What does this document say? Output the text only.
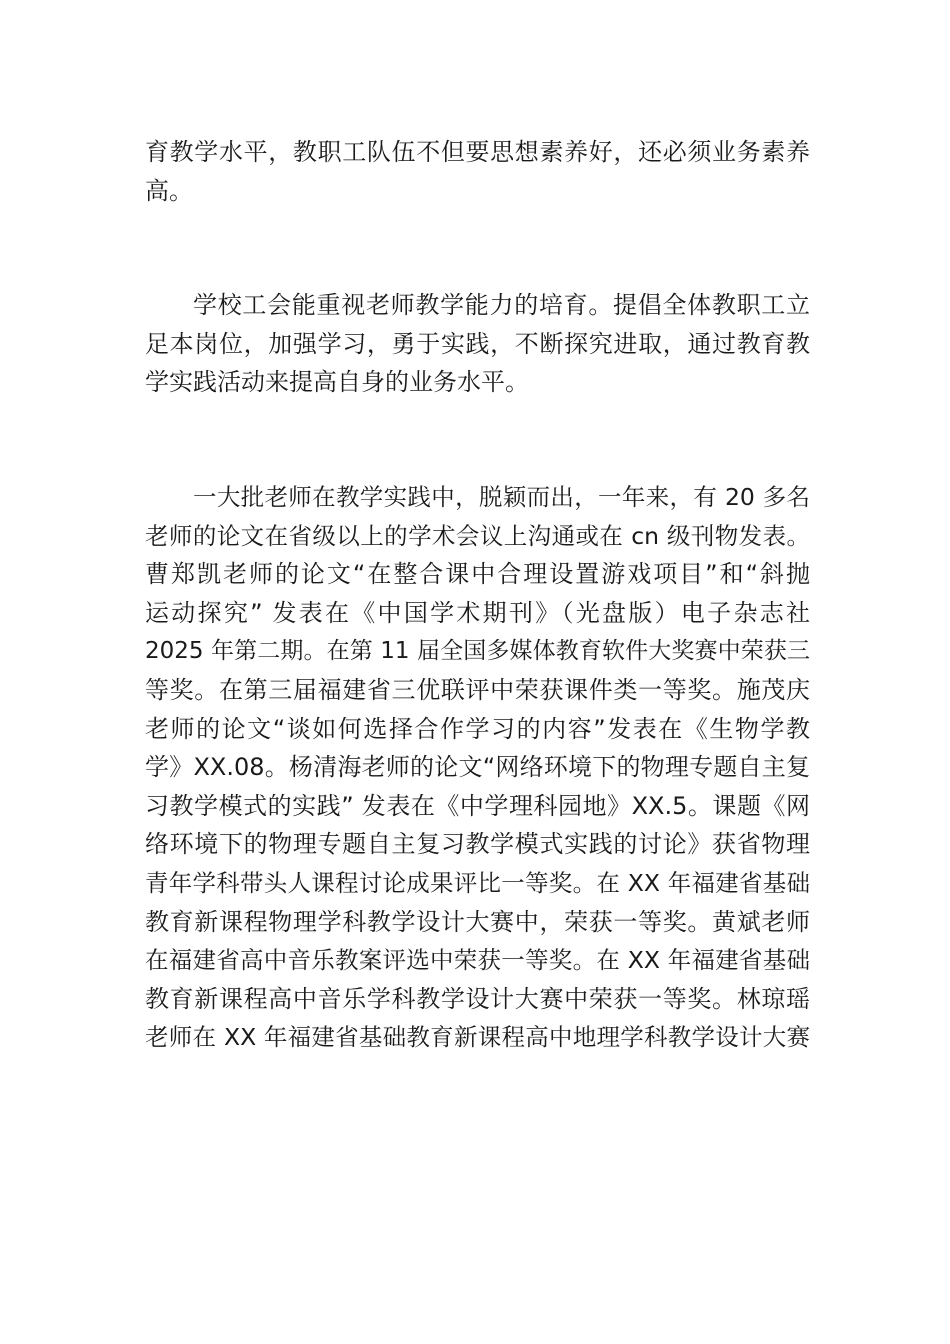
育教学水平，教职工队伍不但要思想素养好，还必须业务素养
高。
学校工会能重视老师教学能力的培育。提倡全体教职工立
足本岗位，加强学习，勇于实践，不断探究进取，通过教育教
学实践活动来提高自身的业务水平。
一大批老师在教学实践中，脱颖而出，一年来，有 20 多名
老师的论文在省级以上的学术会议上沟通或在 cn 级刊物发表。
曹郑凯老师的论文“在整合课中合理设置游戏项目”和“斜抛
运动探究” 发表在《中国学术期刊》（光盘版）电子杂志社
2025 年第二期。在第 11 届全国多媒体教育软件大奖赛中荣获三
等奖。在第三届福建省三优联评中荣获课件类一等奖。施茂庆
老师的论文“谈如何选择合作学习的内容”发表在《生物学教
学》XX.08。杨清海老师的论文“网络环境下的物理专题自主复
习教学模式的实践” 发表在《中学理科园地》XX.5。课题《网
络环境下的物理专题自主复习教学模式实践的讨论》获省物理
青年学科带头人课程讨论成果评比一等奖。在 XX 年福建省基础
教育新课程物理学科教学设计大赛中，荣获一等奖。黄斌老师
在福建省高中音乐教案评选中荣获一等奖。在 XX 年福建省基础
教育新课程高中音乐学科教学设计大赛中荣获一等奖。林琼瑶
老师在 XX 年福建省基础教育新课程高中地理学科教学设计大赛
